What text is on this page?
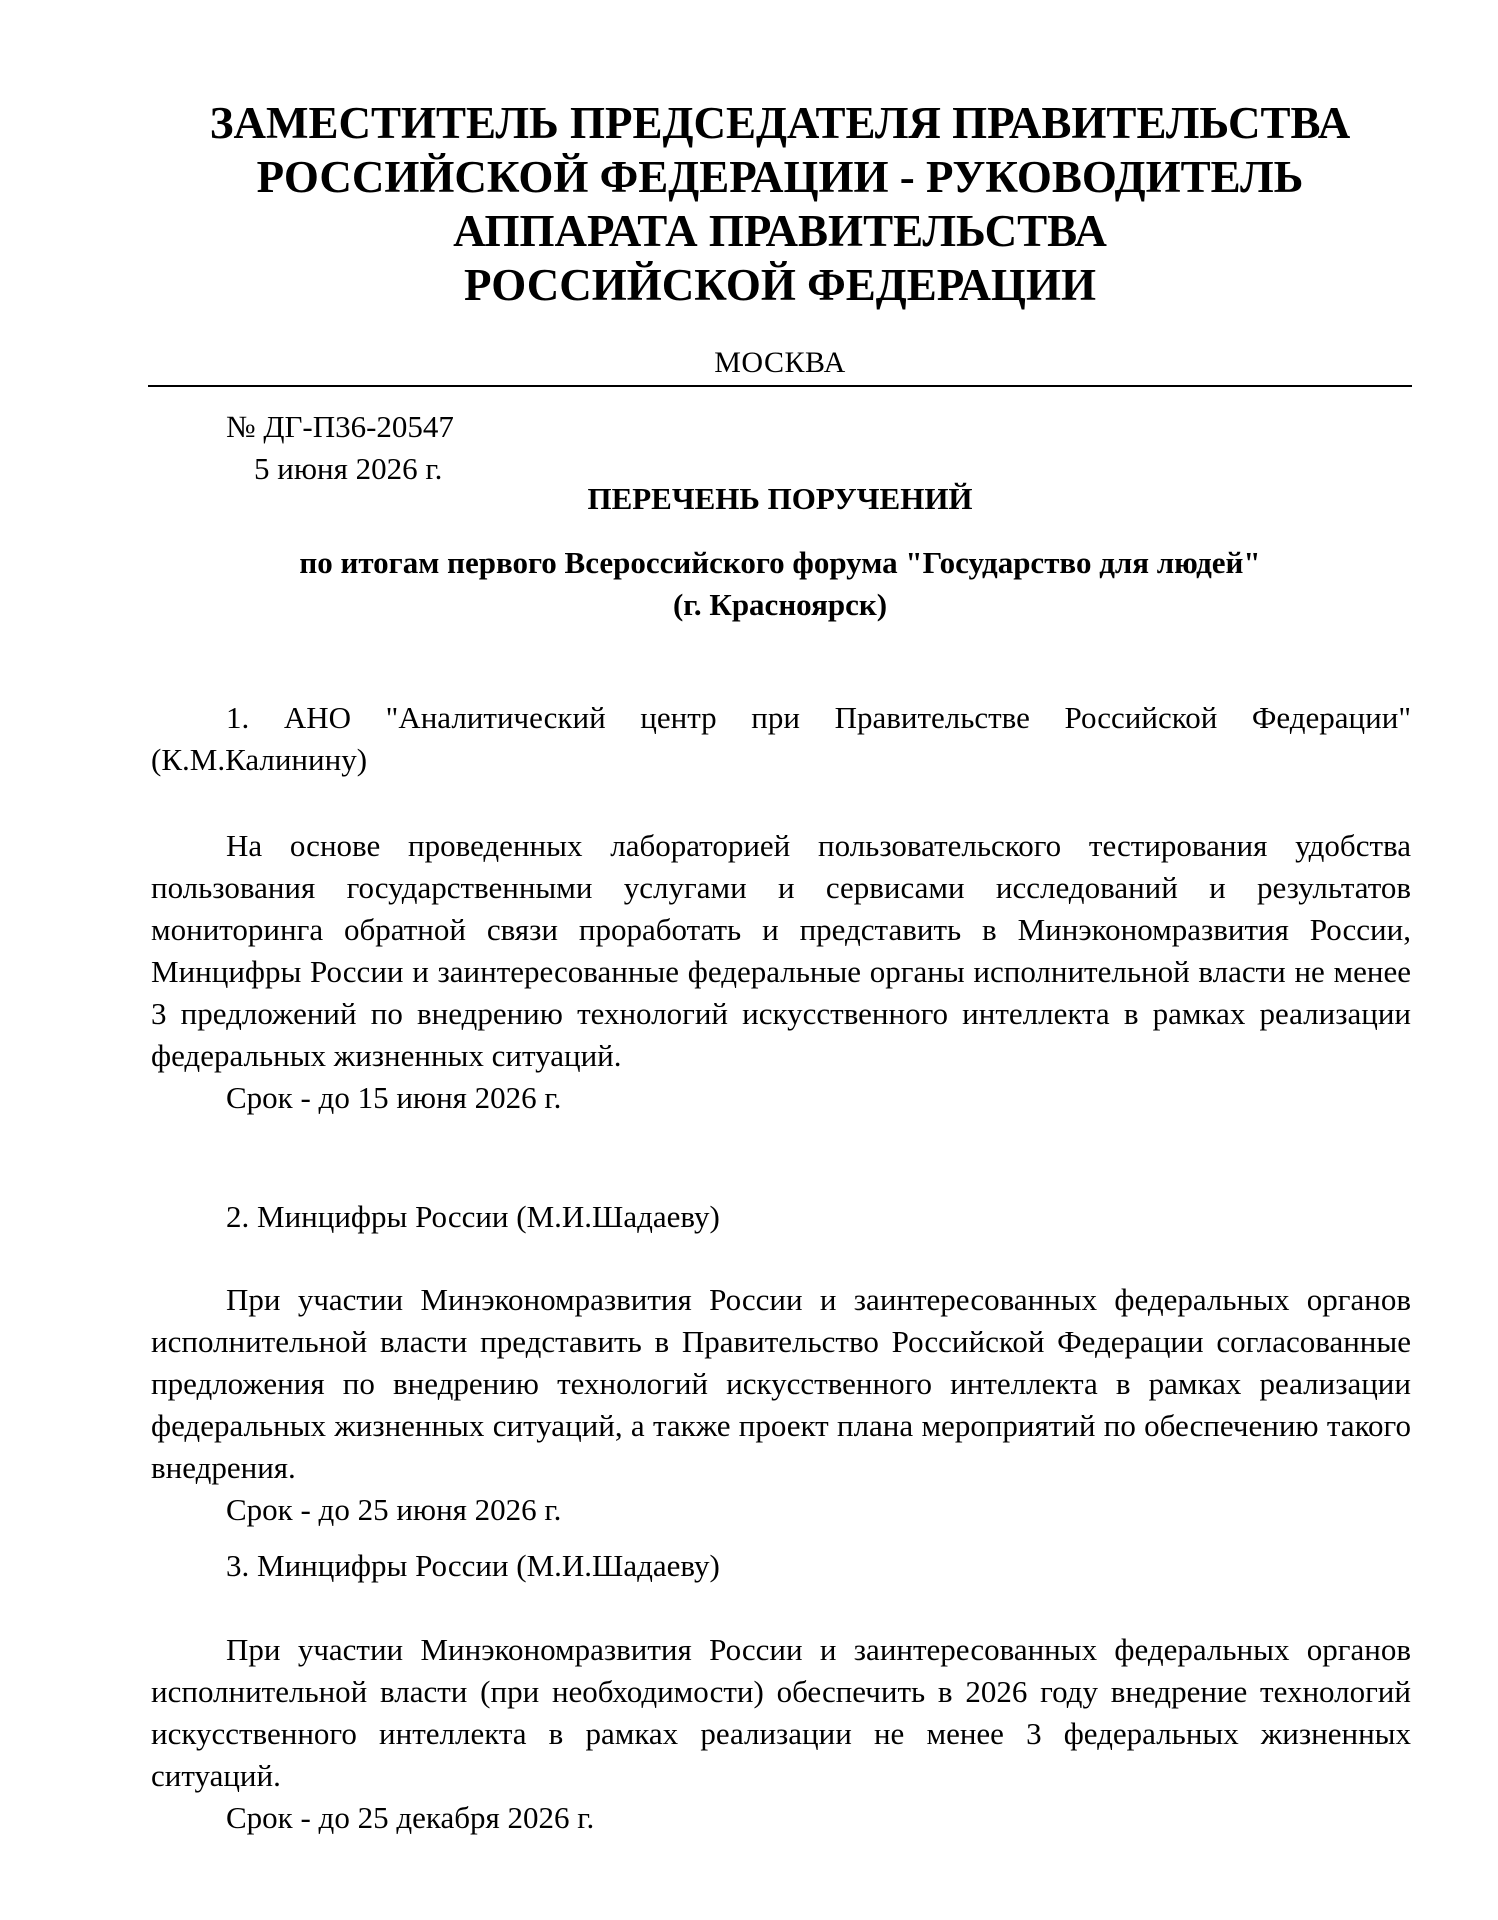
ЗАМЕСТИТЕЛЬ ПРЕДСЕДАТЕЛЯ ПРАВИТЕЛЬСТВА
РОССИЙСКОЙ ФЕДЕРАЦИИ - РУКОВОДИТЕЛЬ
АППАРАТА ПРАВИТЕЛЬСТВА
РОССИЙСКОЙ ФЕДЕРАЦИИ
МОСКВА
№ ДГ-П36-20547
5 июня 2026 г.
ПЕРЕЧЕНЬ ПОРУЧЕНИЙ
по итогам первого Всероссийского форума "Государство для людей"
(г. Красноярск)

1. АНО "Аналитический центр при Правительстве Российской Федерации" (К.М.Калинину)

На основе проведенных лабораторией пользовательского тестирования удобства пользования государственными услугами и сервисами исследований и результатов мониторинга обратной связи проработать и представить в Минэкономразвития России, Минцифры России и заинтересованные федеральные органы исполнительной власти не менее 3 предложений по внедрению технологий искусственного интеллекта в рамках реализации федеральных жизненных ситуаций.

Срок - до 15 июня 2026 г.

2. Минцифры России (М.И.Шадаеву)

При участии Минэкономразвития России и заинтересованных федеральных органов исполнительной власти представить в Правительство Российской Федерации согласованные предложения по внедрению технологий искусственного интеллекта в рамках реализации федеральных жизненных ситуаций, а также проект плана мероприятий по обеспечению такого внедрения.

Срок - до 25 июня 2026 г.

3. Минцифры России (М.И.Шадаеву)

При участии Минэкономразвития России и заинтересованных федеральных органов исполнительной власти (при необходимости) обеспечить в 2026 году внедрение технологий искусственного интеллекта в рамках реализации не менее 3 федеральных жизненных ситуаций.

Срок - до 25 декабря 2026 г.
